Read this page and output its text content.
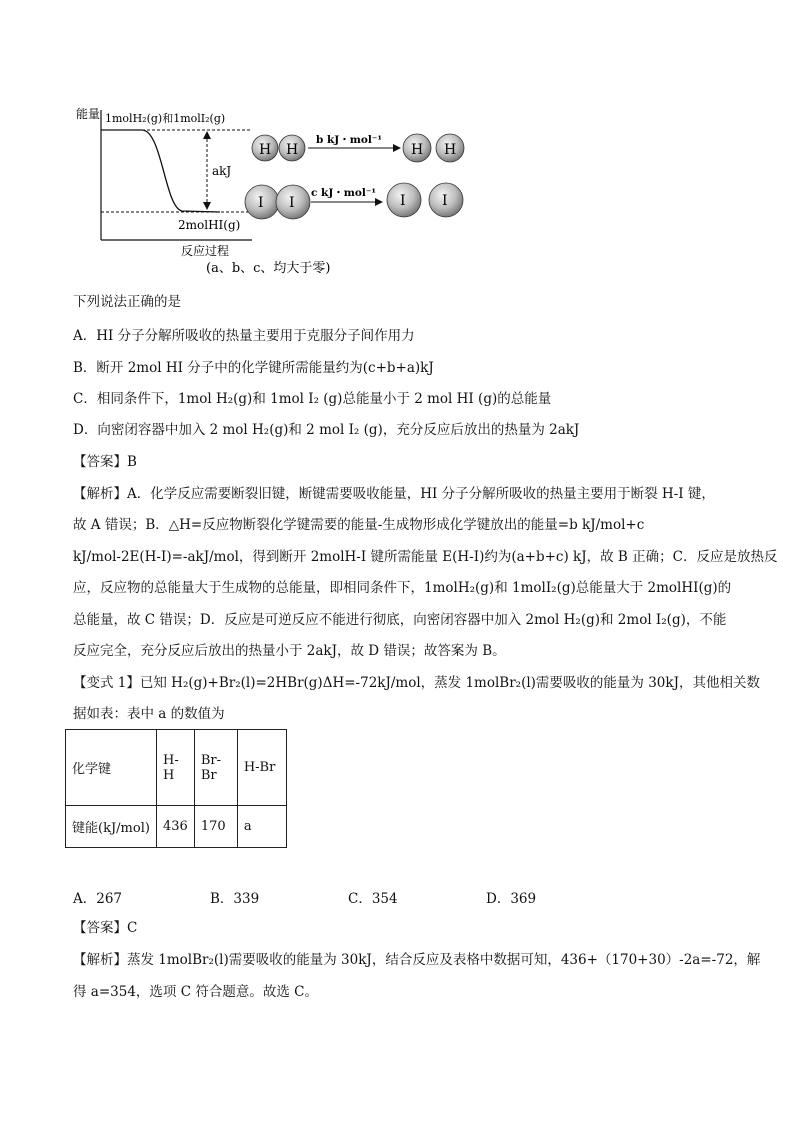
能量
反应过程
1molH₂(g)和1molI₂(g)
akJ
2molHI(g)
H H
b kJ・mol⁻¹
H H
I I
c kJ・mol⁻¹ I	I
(a、b、c、均大于零)
下列说法正确的是
A．HI 分子分解所吸收的热量主要用于克服分子间作用力
B．断开 2mol HI 分子中的化学键所需能量约为(c+b+a)kJ
C．相同条件下，1mol H₂(g)和 1mol I₂ (g)总能量小于 2 mol HI (g)的总能量
D．向密闭容器中加入 2 mol H₂(g)和 2 mol I₂ (g)，充分反应后放出的热量为 2akJ
【答案】B
【解析】A．化学反应需要断裂旧键，断键需要吸收能量，HI 分子分解所吸收的热量主要用于断裂 H-I 键，
故 A 错误；B．△H=反应物断裂化学键需要的能量-生成物形成化学键放出的能量=b kJ/mol+c
kJ/mol-2E(H-I)=-akJ/mol，得到断开 2molH-I 键所需能量 E(H-I)约为(a+b+c) kJ，故 B 正确；C．反应是放热反
应，反应物的总能量大于生成物的总能量，即相同条件下，1molH₂(g)和 1molI₂(g)总能量大于 2molHI(g)的
总能量，故 C 错误；D．反应是可逆反应不能进行彻底，向密闭容器中加入 2mol H₂(g)和 2mol I₂(g)，不能
反应完全，充分反应后放出的热量小于 2akJ，故 D 错误；故答案为 B。
【变式 1】已知 H₂(g)+Br₂(l)=2HBr(g)ΔH=-72kJ/mol，蒸发 1molBr₂(l)需要吸收的能量为 30kJ，其他相关数
据如表：表中 a 的数值为
化学键	H-H	Br-Br	H-Br
键能(kJ/mol)	436	170	a
A．267	B．339	C．354	D．369
【答案】C
【解析】蒸发 1molBr₂(l)需要吸收的能量为 30kJ，结合反应及表格中数据可知，436+（170+30）-2a=-72，解
得 a=354，选项 C 符合题意。故选 C。
